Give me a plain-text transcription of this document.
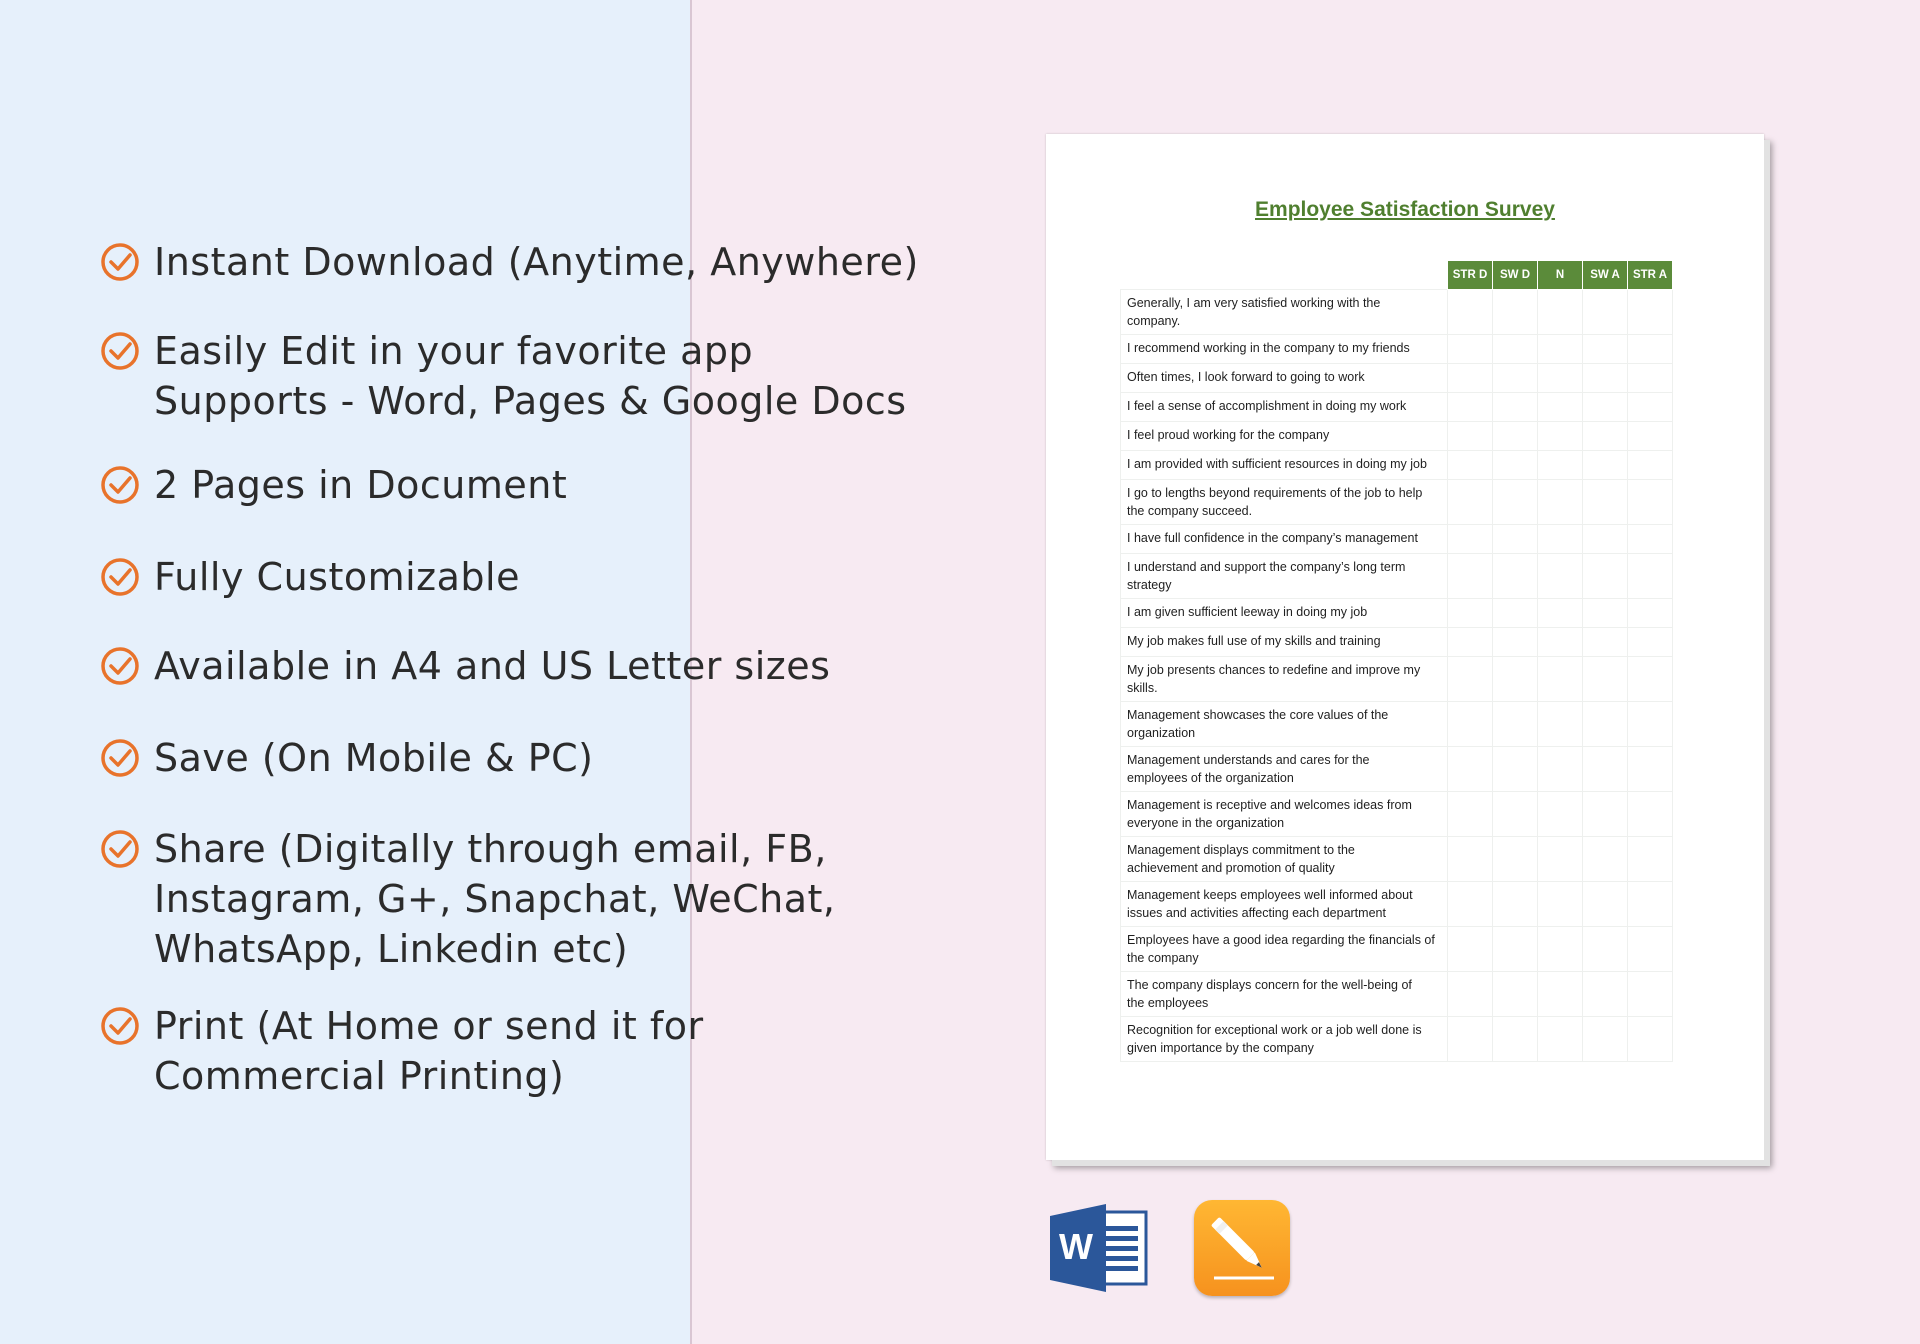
Instant Download (Anytime, Anywhere)
Easily Edit in your favorite app
Supports - Word, Pages & Google Docs
2 Pages in Document
Fully Customizable
Available in A4 and US Letter sizes
Save (On Mobile & PC)
Share (Digitally through email, FB,
Instagram, G+, Snapchat, WeChat,
WhatsApp, Linkedin etc)
Print (At Home or send it for
Commercial Printing)
Employee Satisfaction Survey
	STR D	SW D	N	SW A	STR A

Generally, I am very satisfied working with the
company.					

I recommend working in the company to my friends					

Often times, I look forward to going to work					

I feel a sense of accomplishment in doing my work					

I feel proud working for the company					

I am provided with sufficient resources in doing my job					

I go to lengths beyond requirements of the job to help
the company succeed.					

I have full confidence in the company’s management					

I understand and support the company’s long term
strategy					

I am given sufficient leeway in doing my job					

My job makes full use of my skills and training					

My job presents chances to redefine and improve my
skills.					

Management showcases the core values of the
organization					

Management understands and cares for the
employees of the organization					

Management is receptive and welcomes ideas from
everyone in the organization					

Management displays commitment to the
achievement and promotion of quality					

Management keeps employees well informed about
issues and activities affecting each department					

Employees have a good idea regarding the financials of
the company					

The company displays concern for the well-being of
the employees					

Recognition for exceptional work or a job well done is
given importance by the company					

W
